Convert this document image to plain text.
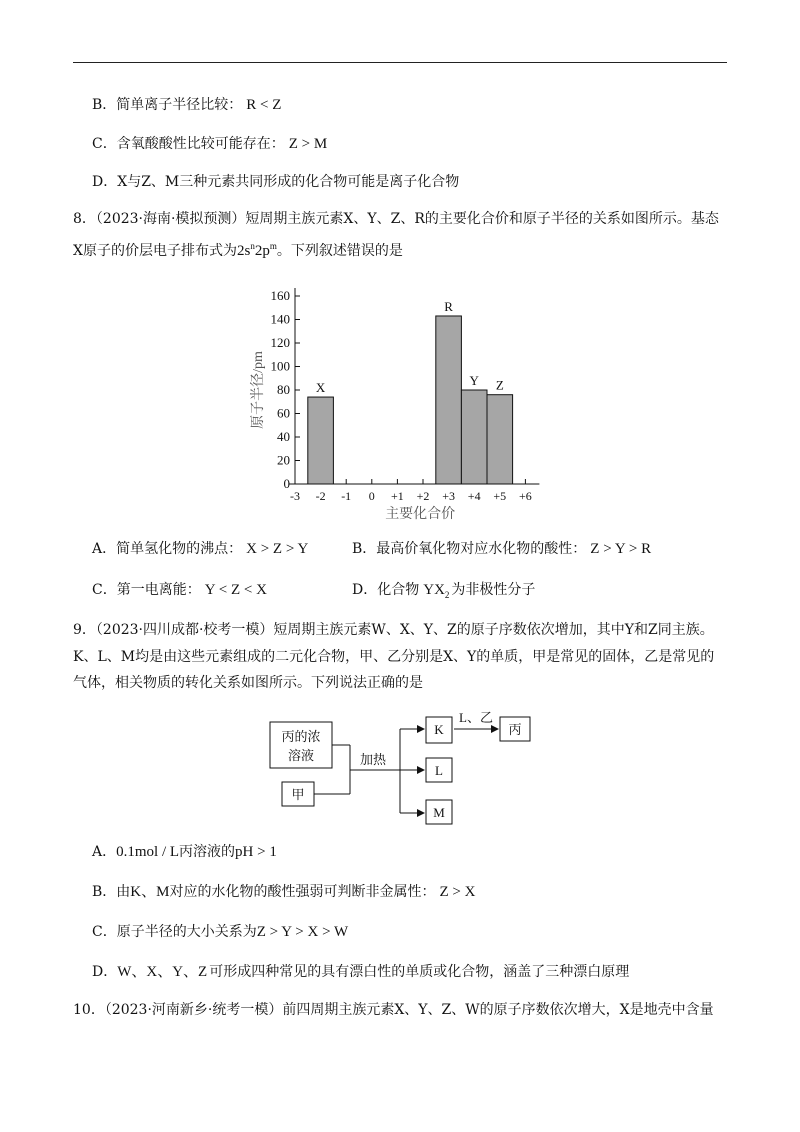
B．简单离子半径比较： R < Z
C．含氧酸酸性比较可能存在： Z > M
D．X与Z、M三种元素共同形成的化合物可能是离子化合物
8．（2023·海南·模拟预测）短周期主族元素X、Y、Z、R的主要化合价和原子半径的关系如图所示。基态
X原子的价层电子排布式为$2s^n2p^m$。下列叙述错误的是
0
20
40
60
80
100
120
140
160
-3 -2 -1 0 +1 +2 +3 +4 +5 +6
X
R
Y Z
主要化合价
原子半径/pm
A．简单氢化物的沸点： X > Z > Y	B．最高价氧化物对应水化物的酸性： Z > Y > R
C．第一电离能： Y < Z < X	D．化合物 $YX_2$ 为非极性分子
9．（2023·四川成都·校考一模）短周期主族元素W、X、Y、Z的原子序数依次增加，其中Y和Z同主族。
K、L、M均是由这些元素组成的二元化合物，甲、乙分别是X、Y的单质，甲是常见的固体，乙是常见的
气体，相关物质的转化关系如图所示。下列说法正确的是
丙的浓
溶液
甲
加热
K
L
M
L、乙
丙
A．0.1mol / L丙溶液的pH > 1
B．由K、M对应的水化物的酸性强弱可判断非金属性： Z > X
C．原子半径的大小关系为Z > Y > X > W
D．W、X、Y、Z 可形成四种常见的具有漂白性的单质或化合物，涵盖了三种漂白原理
10．（2023·河南新乡·统考一模）前四周期主族元素X、Y、Z、W的原子序数依次增大，X是地壳中含量
